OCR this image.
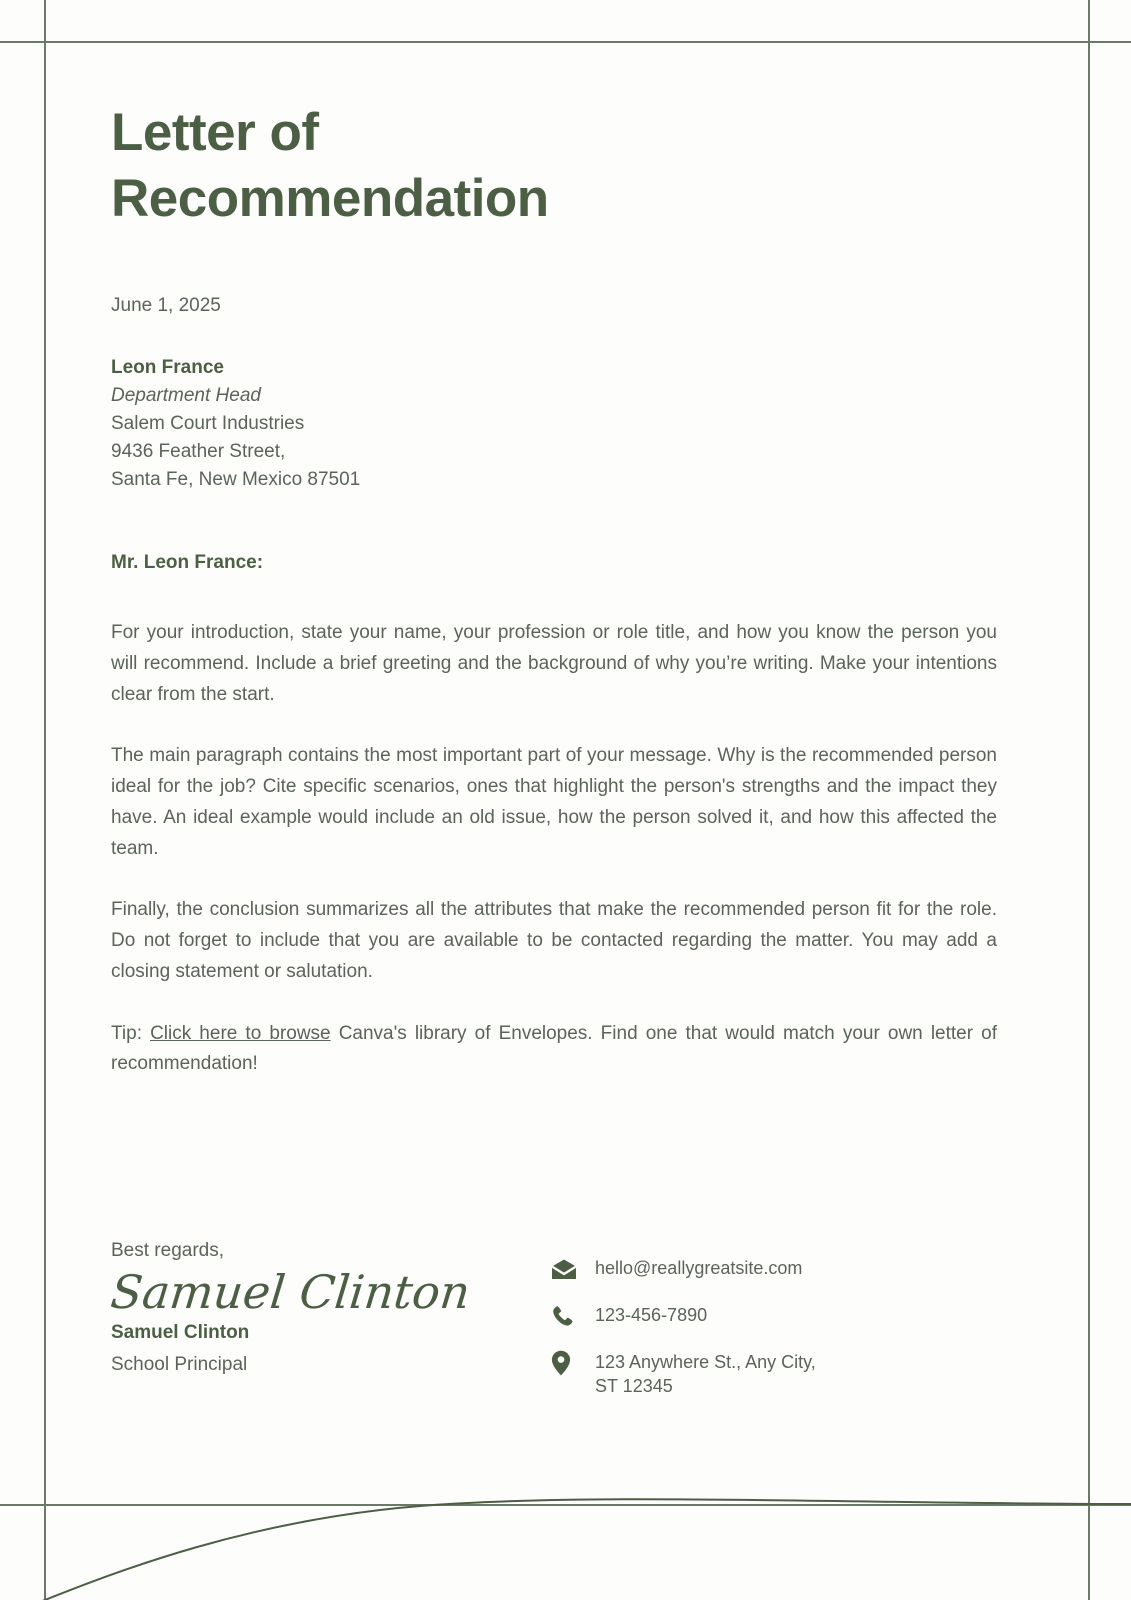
Letter of Recommendation

June 1, 2025

Leon France
Department Head
Salem Court Industries
9436 Feather Street,
Santa Fe, New Mexico 87501

Mr. Leon France:

For your introduction, state your name, your profession or role title, and how you know the person you will recommend. Include a brief greeting and the background of why you’re writing. Make your intentions clear from the start.

The main paragraph contains the most important part of your message. Why is the recommended person ideal for the job? Cite specific scenarios, ones that highlight the person's strengths and the impact they have. An ideal example would include an old issue, how the person solved it, and how this affected the team.

Finally, the conclusion summarizes all the attributes that make the recommended person fit for the role. Do not forget to include that you are available to be contacted regarding the matter. You may add a closing statement or salutation.

Tip: Click here to browse Canva's library of Envelopes. Find one that would match your own letter of recommendation!

Best regards,

Samuel Clinton

Samuel Clinton

School Principal

hello@reallygreatsite.com
123-456-7890
123 Anywhere St., Any City,
ST 12345
